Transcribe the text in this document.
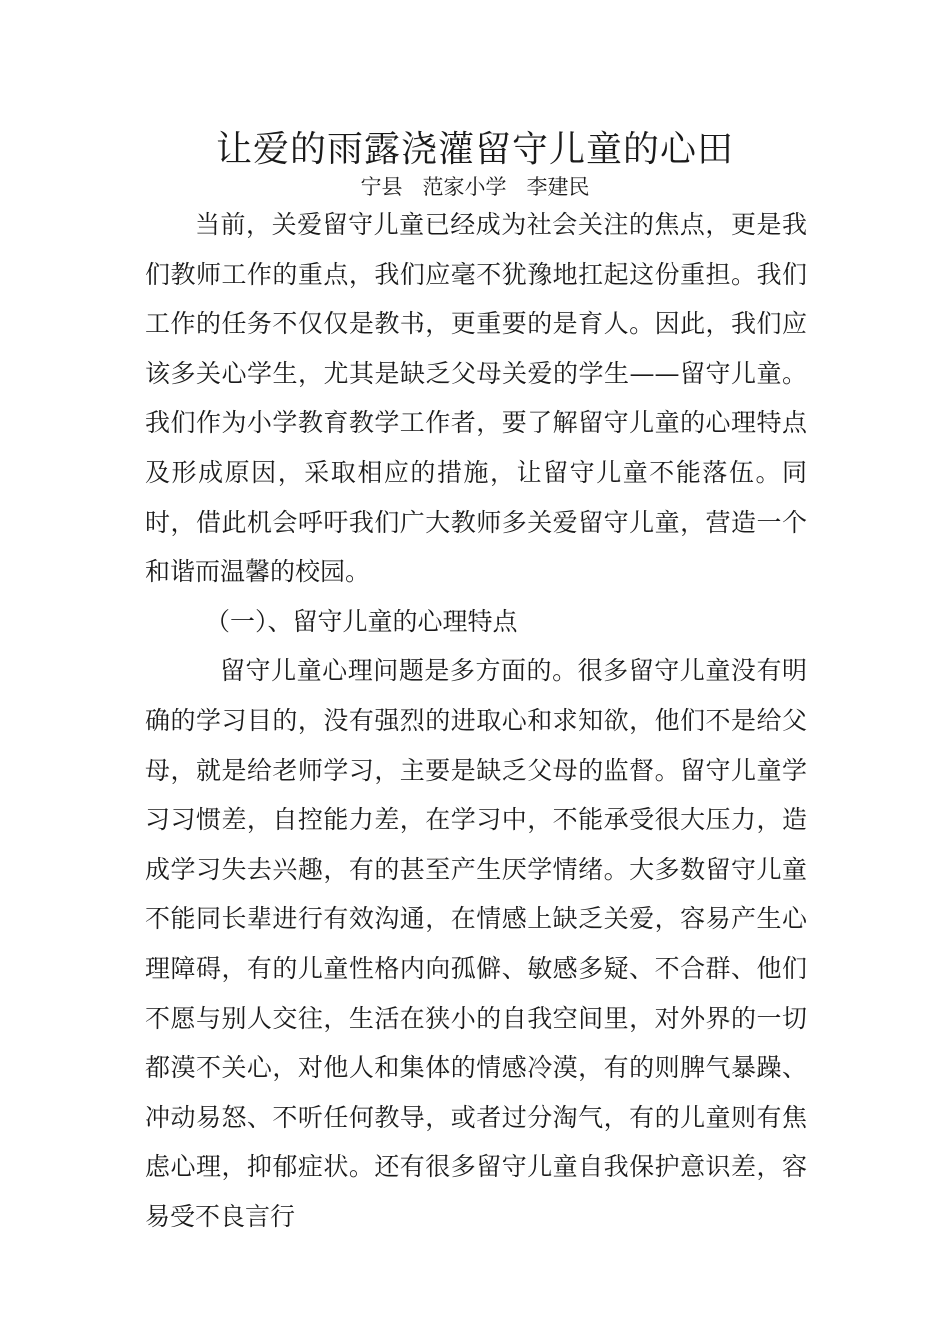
让爱的雨露浇灌留守儿童的心田
宁县   范家小学   李建民

当前，关爱留守儿童已经成为社会关注的焦点，更是我们教师工作的重点，我们应毫不犹豫地扛起这份重担。我们工作的任务不仅仅是教书，更重要的是育人。因此，我们应该多关心学生，尤其是缺乏父母关爱的学生——留守儿童。我们作为小学教育教学工作者，要了解留守儿童的心理特点及形成原因，采取相应的措施，让留守儿童不能落伍。同时，借此机会呼吁我们广大教师多关爱留守儿童，营造一个和谐而温馨的校园。

（一）、留守儿童的心理特点

留守儿童心理问题是多方面的。很多留守儿童没有明确的学习目的，没有强烈的进取心和求知欲，他们不是给父母，就是给老师学习，主要是缺乏父母的监督。留守儿童学习习惯差，自控能力差，在学习中，不能承受很大压力，造成学习失去兴趣，有的甚至产生厌学情绪。大多数留守儿童不能同长辈进行有效沟通，在情感上缺乏关爱，容易产生心理障碍，有的儿童性格内向孤僻、敏感多疑、不合群、他们不愿与别人交往，生活在狭小的自我空间里，对外界的一切都漠不关心，对他人和集体的情感冷漠，有的则脾气暴躁、冲动易怒、不听任何教导，或者过分淘气，有的儿童则有焦虑心理，抑郁症状。还有很多留守儿童自我保护意识差，容易受不良言行
